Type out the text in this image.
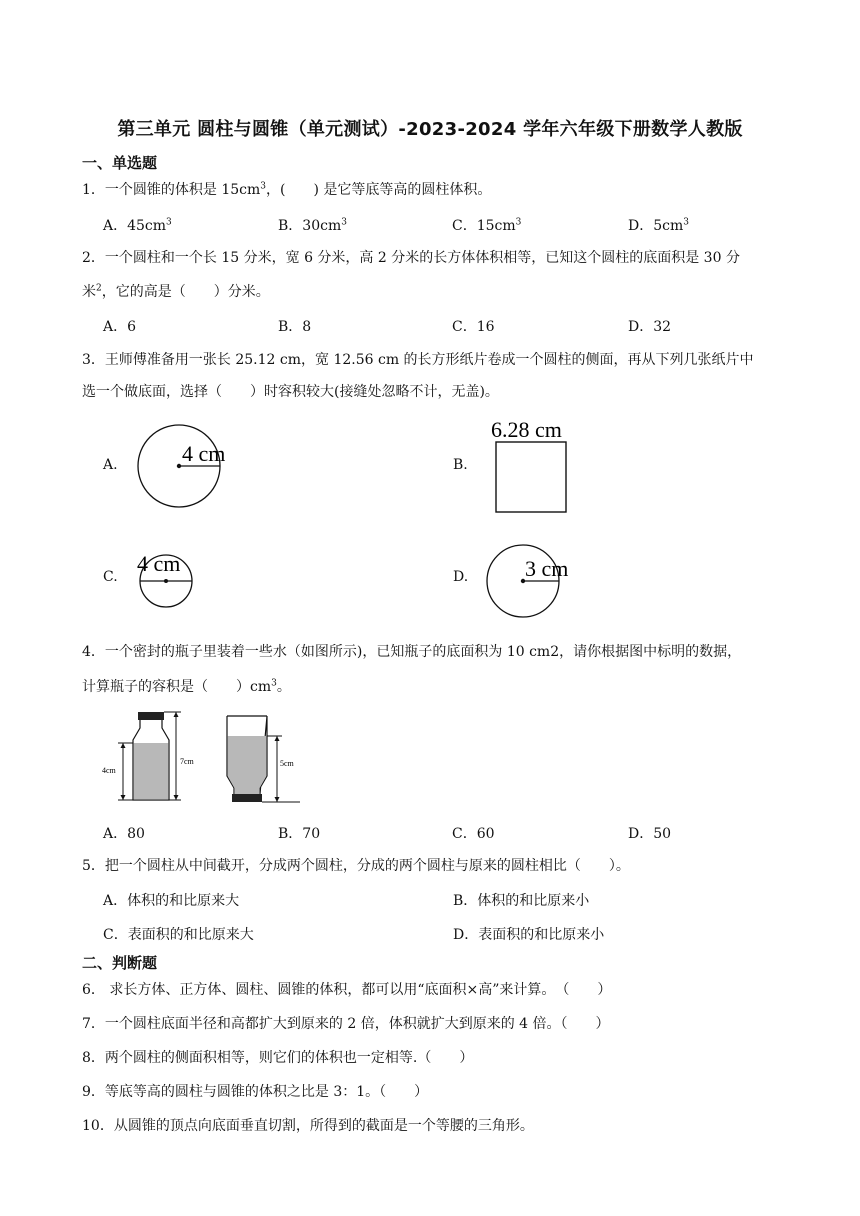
第三单元 圆柱与圆锥（单元测试）-2023-2024 学年六年级下册数学人教版
一、单选题
1．一个圆锥的体积是 $15cm^3$，(　　) 是它等底等高的圆柱体积。
A．$45cm^3$	B．$30cm^3$	C．$15cm^3$	D．$5cm^3$
2．一个圆柱和一个长 15 分米，宽 6 分米，高 2 分米的长方体体积相等，已知这个圆柱的底面积是 30 分
米$^2$，它的高是（　　）分米。
A．6	B．8	C．16	D．32
3．王师傅准备用一张长 25.12 cm，宽 12.56 cm 的长方形纸片卷成一个圆柱的侧面，再从下列几张纸片中
选一个做底面，选择（　　）时容积较大(接缝处忽略不计，无盖)。
A.	4 cm	B.
6.28 cm
C.
4 cm
D.	3 cm
4．一个密封的瓶子里装着一些水（如图所示)，已知瓶子的底面积为 10 cm2，请你根据图中标明的数据，
计算瓶子的容积是（　　）$cm^3$。
4cm
7cm	5cm
A．80	B．70	C．60	D．50
5．把一个圆柱从中间截开，分成两个圆柱，分成的两个圆柱与原来的圆柱相比（　　）。
A．体积的和比原来大	B．体积的和比原来小
C．表面积的和比原来大	D．表面积的和比原来小
二、判断题
6． 求长方体、正方体、圆柱、圆锥的体积，都可以用“底面积×高”来计算。　（　　）
7．一个圆柱底面半径和高都扩大到原来的 2 倍，体积就扩大到原来的 4 倍。（　　）
8．两个圆柱的侧面积相等，则它们的体积也一定相等.（　　）
9．等底等高的圆柱与圆锥的体积之比是 3：1。（　　）
10．从圆锥的顶点向底面垂直切割，所得到的截面是一个等腰的三角形。
